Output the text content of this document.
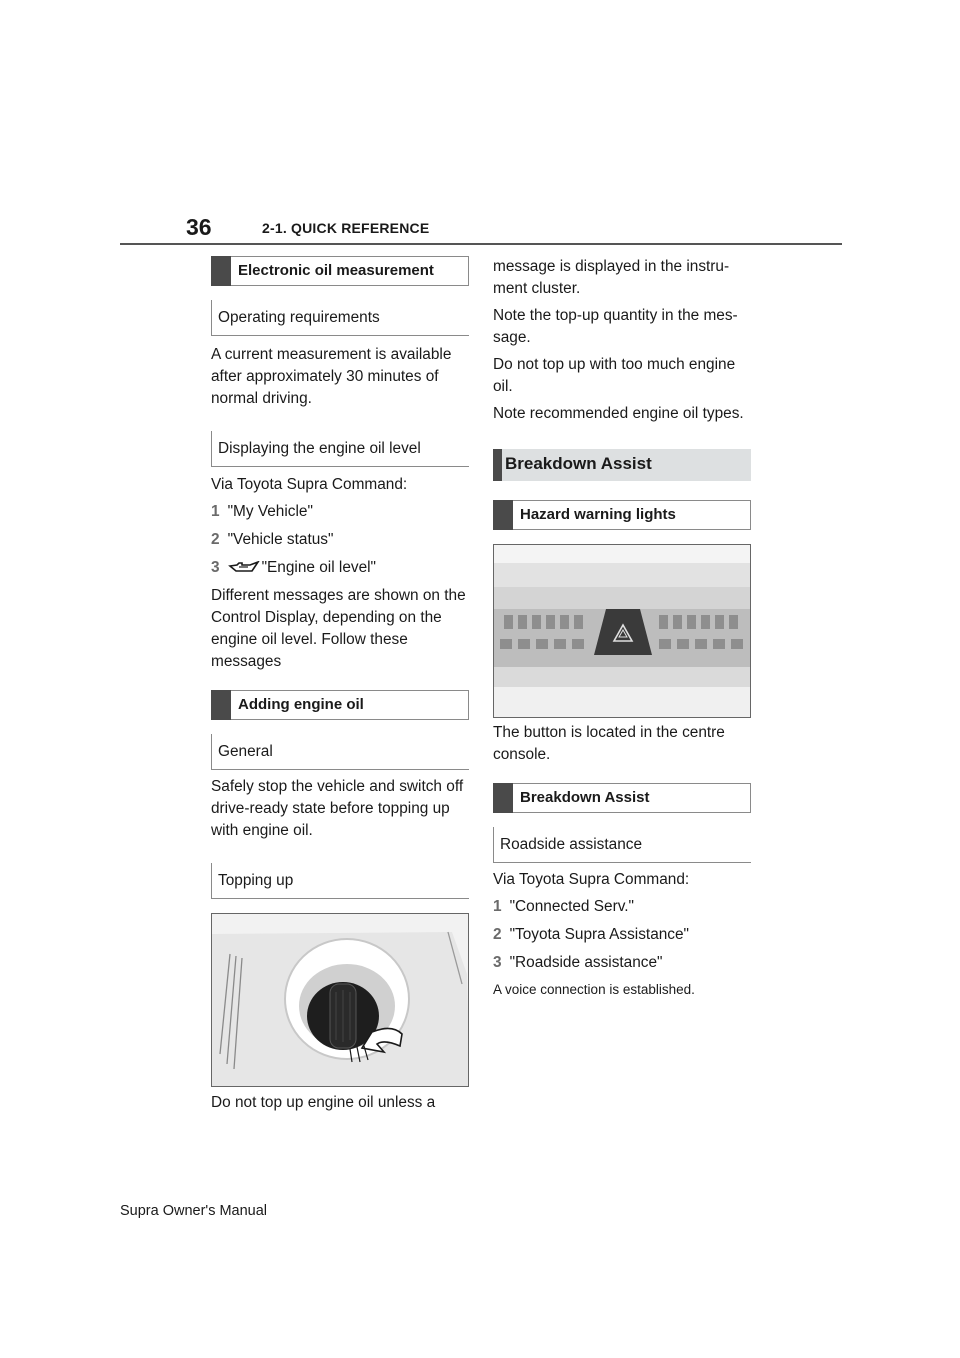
36	2-1. QUICK REFERENCE
Electronic oil measurement
Operating requirements

A current measurement is available after approximately 30 minutes of normal driving.

Displaying the engine oil level

Via Toyota Supra Command:

1 "My Vehicle"

2 "Vehicle status"

3	"Engine oil level"

Different messages are shown on the Control Display, depending on the engine oil level. Follow these messages

Adding engine oil
General

Safely stop the vehicle and switch off drive-ready state before topping up with engine oil.

Topping up

Do not top up engine oil unless a

message is displayed in the instru-
ment cluster.

Note the top-up quantity in the mes-
sage.

Do not top up with too much engine oil.

Note recommended engine oil types.

Breakdown Assist
Hazard warning lights

The button is located in the centre console.

Breakdown Assist
Roadside assistance

Via Toyota Supra Command:

1 "Connected Serv."

2 "Toyota Supra Assistance"

3 "Roadside assistance"

A voice connection is established.

Supra Owner's Manual
